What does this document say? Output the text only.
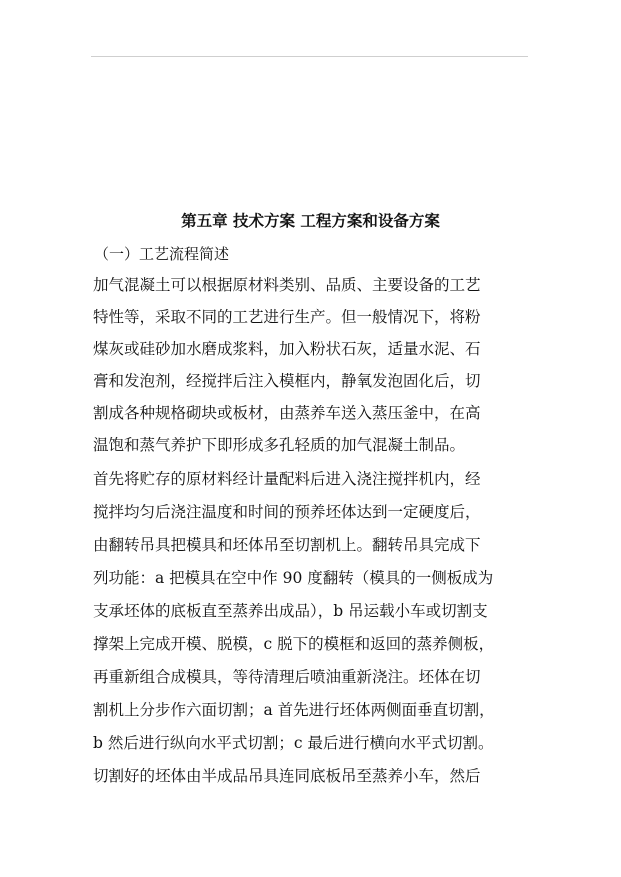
第五章 技术方案 工程方案和设备方案
（一）工艺流程简述
加气混凝土可以根据原材料类别、品质、主要设备的工艺
特性等，采取不同的工艺进行生产。但一般情况下，将粉
煤灰或硅砂加水磨成浆料，加入粉状石灰，适量水泥、石
膏和发泡剂，经搅拌后注入模框内，静氧发泡固化后，切
割成各种规格砌块或板材，由蒸养车送入蒸压釜中，在高
温饱和蒸气养护下即形成多孔轻质的加气混凝土制品。
首先将贮存的原材料经计量配料后进入浇注搅拌机内，经
搅拌均匀后浇注温度和时间的预养坯体达到一定硬度后，
由翻转吊具把模具和坯体吊至切割机上。翻转吊具完成下
列功能：a 把模具在空中作 90 度翻转（模具的一侧板成为
支承坯体的底板直至蒸养出成品），b 吊运载小车或切割支
撑架上完成开模、脱模，c 脱下的模框和返回的蒸养侧板，
再重新组合成模具，等待清理后喷油重新浇注。坯体在切
割机上分步作六面切割；a 首先进行坯体两侧面垂直切割，
b 然后进行纵向水平式切割；c 最后进行横向水平式切割。
切割好的坯体由半成品吊具连同底板吊至蒸养小车，然后
